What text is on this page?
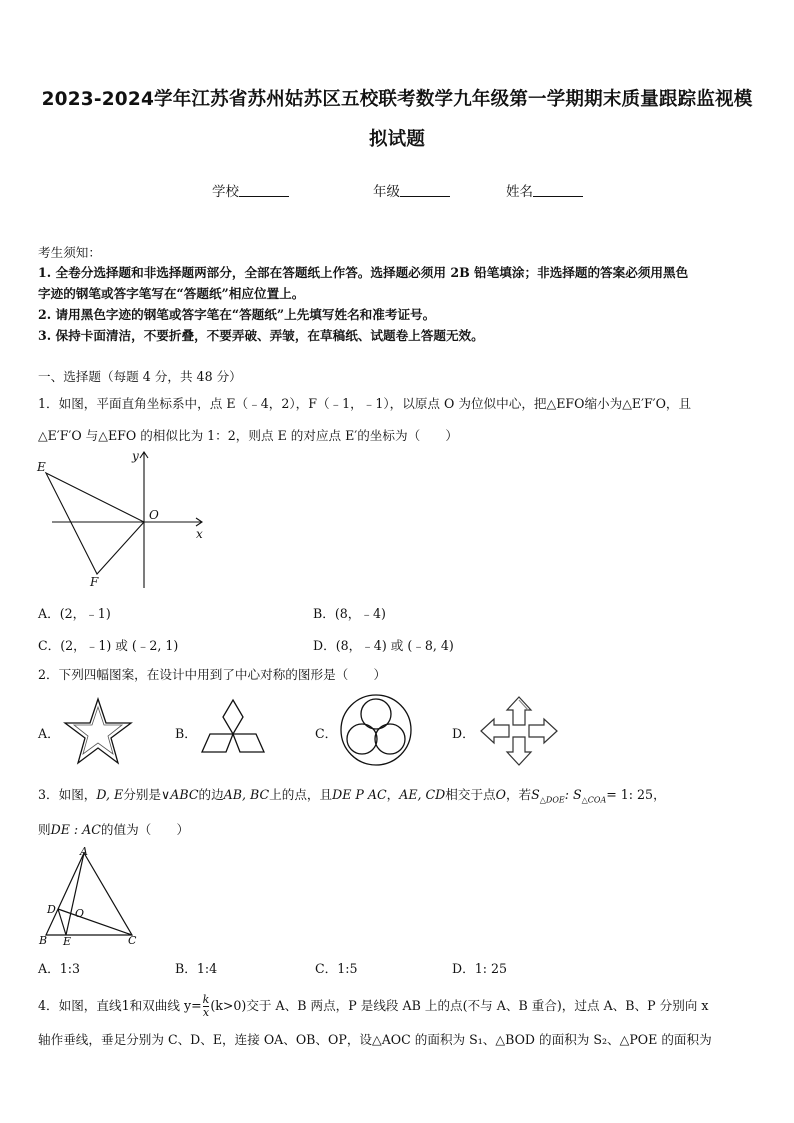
2023-2024学年江苏省苏州姑苏区五校联考数学九年级第一学期期末质量跟踪监视模
拟试题
学校	年级	姓名
考生须知：
1. 全卷分选择题和非选择题两部分，全部在答题纸上作答。选择题必须用 2B 铅笔填涂；非选择题的答案必须用黑色
字迹的钢笔或答字笔写在“答题纸”相应位置上。
2. 请用黑色字迹的钢笔或答字笔在“答题纸”上先填写姓名和准考证号。
3. 保持卡面清洁，不要折叠，不要弄破、弄皱，在草稿纸、试题卷上答题无效。
一、选择题（每题 4 分，共 48 分）
1．如图，平面直角坐标系中，点 E（﹣4，2），F（﹣1，﹣1），以原点 O 为位似中心，把△EFO缩小为△E′F′O，且
△E′F′O 与△EFO 的相似比为 1：2，则点 E 的对应点 E′的坐标为（　　）
E
F
O
x
y
A．(2，﹣1)	B．(8，﹣4)
C．(2，﹣1) 或 (﹣2, 1)	D．(8，﹣4) 或 (﹣8, 4)
2．下列四幅图案，在设计中用到了中心对称的图形是（　　）
A．	B．	C．	D．
3．如图，D, E分别是∨ABC的边AB, BC上的点，且DE P AC，AE, CD相交于点O，若$S_{\triangle DOE}$: $S_{\triangle COA}= 1$: 25，
则DE : AC的值为（　　）
A
B	C
D
E
O
A．1:3	B．1:4	C．1:5	D．1: 25
4．如图，直线1和双曲线 $y= \frac{k}{x} (k>0)$交于 A、B 两点，P 是线段 AB 上的点(不与 A、B 重合)，过点 A、B、P 分别向 x
轴作垂线，垂足分别为 C、D、E，连接 OA、OB、OP，设△AOC 的面积为 S₁、△BOD 的面积为 S₂、△POE 的面积为
